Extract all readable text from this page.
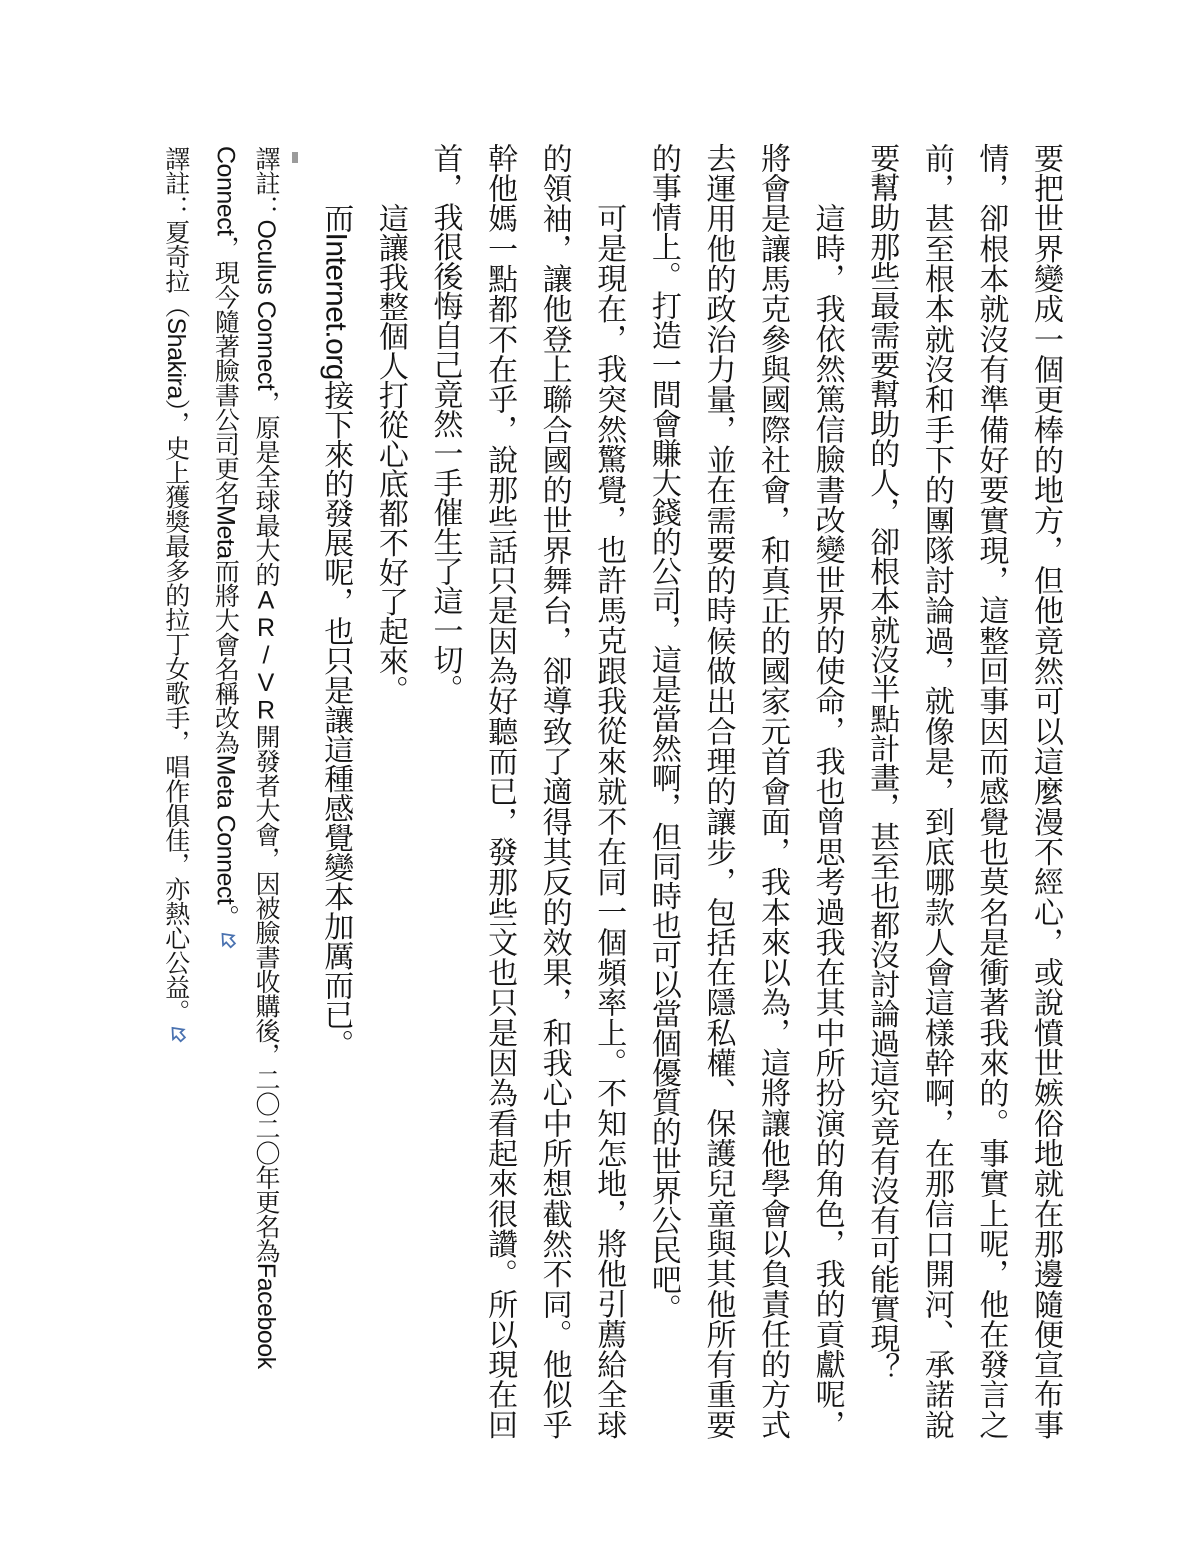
要把世界變成一個更棒的地方，但他竟然可以這麼漫不經心，或說憤世嫉俗地就在那邊隨便宣布事情，卻根本就沒有準備好要實現，這整回事因而感覺也莫名是衝著我來的。事實上呢，他在發言之前，甚至根本就沒和手下的團隊討論過，就像是，到底哪款人會這樣幹啊，在那信口開河、承諾說要幫助那些最需要幫助的人，卻根本就沒半點計畫，甚至也都沒討論過這究竟有沒有可能實現？

這時，我依然篤信臉書改變世界的使命，我也曾思考過我在其中所扮演的角色，我的貢獻呢，將會是讓馬克參與國際社會，和真正的國家元首會面，我本來以為，這將讓他學會以負責任的方式去運用他的政治力量，並在需要的時候做出合理的讓步，包括在隱私權、保護兒童與其他所有重要的事情上。打造一間會賺大錢的公司，這是當然啊，但同時也可以當個優質的世界公民吧。

可是現在，我突然驚覺，也許馬克跟我從來就不在同一個頻率上。不知怎地，將他引薦給全球的領袖，讓他登上聯合國的世界舞台，卻導致了適得其反的效果，和我心中所想截然不同。他似乎幹他媽一點都不在乎，說那些話只是因為好聽而已，發那些文也只是因為看起來很讚。所以現在回首，我很後悔自己竟然一手催生了這一切。

這讓我整個人打從心底都不好了起來。

而Internet.org接下來的發展呢，也只是讓這種感覺變本加厲而已。

譯註：Oculus Connect，原是全球最大的AR/VR開發者大會，因被臉書收購後，二〇二〇年更名為Facebook Connect，現今隨著臉書公司更名Meta而將大會名稱改為Meta Connect。

譯註：夏奇拉（Shakira），史上獲獎最多的拉丁女歌手，唱作俱佳，亦熱心公益。
